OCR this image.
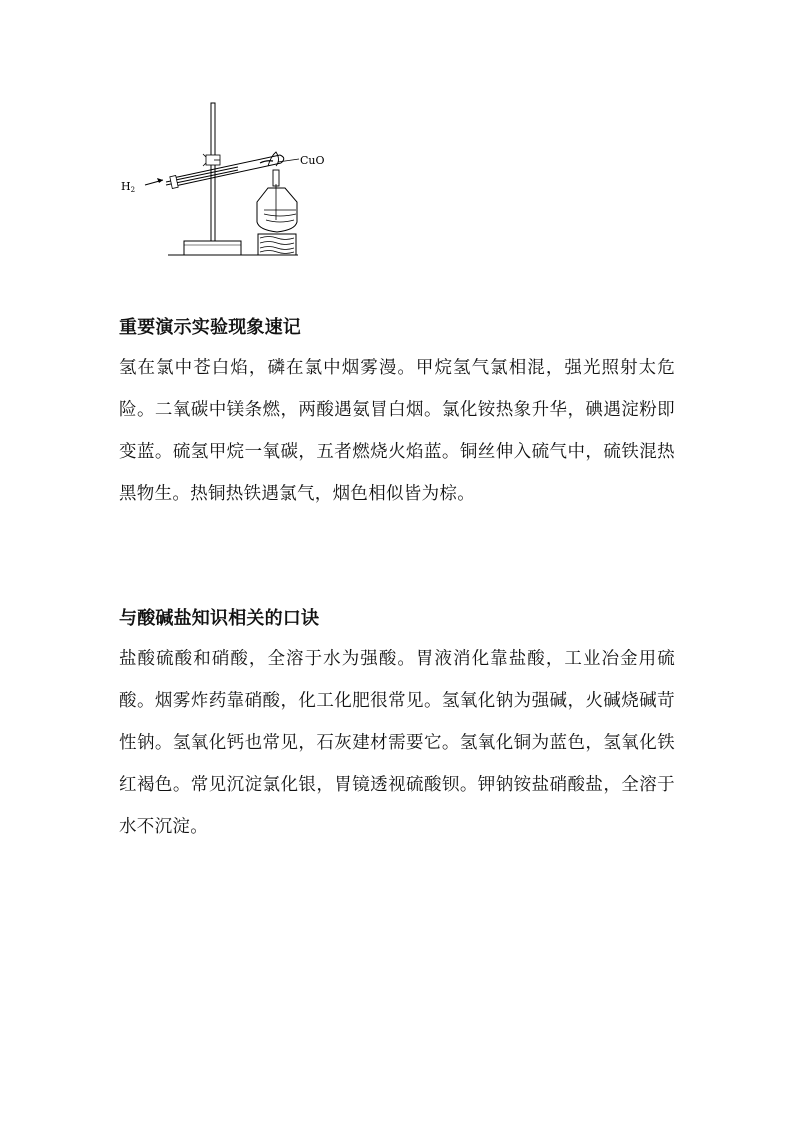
H2
CuO
重要演示实验现象速记

氢在氯中苍白焰，磷在氯中烟雾漫。甲烷氢气氯相混，强光照射太危险。二氧碳中镁条燃，两酸遇氨冒白烟。氯化铵热象升华，碘遇淀粉即变蓝。硫氢甲烷一氧碳，五者燃烧火焰蓝。铜丝伸入硫气中，硫铁混热黑物生。热铜热铁遇氯气，烟色相似皆为棕。

与酸碱盐知识相关的口诀

盐酸硫酸和硝酸，全溶于水为强酸。胃液消化靠盐酸，工业冶金用硫酸。烟雾炸药靠硝酸，化工化肥很常见。氢氧化钠为强碱，火碱烧碱苛性钠。氢氧化钙也常见，石灰建材需要它。氢氧化铜为蓝色，氢氧化铁红褐色。常见沉淀氯化银，胃镜透视硫酸钡。钾钠铵盐硝酸盐，全溶于水不沉淀。
